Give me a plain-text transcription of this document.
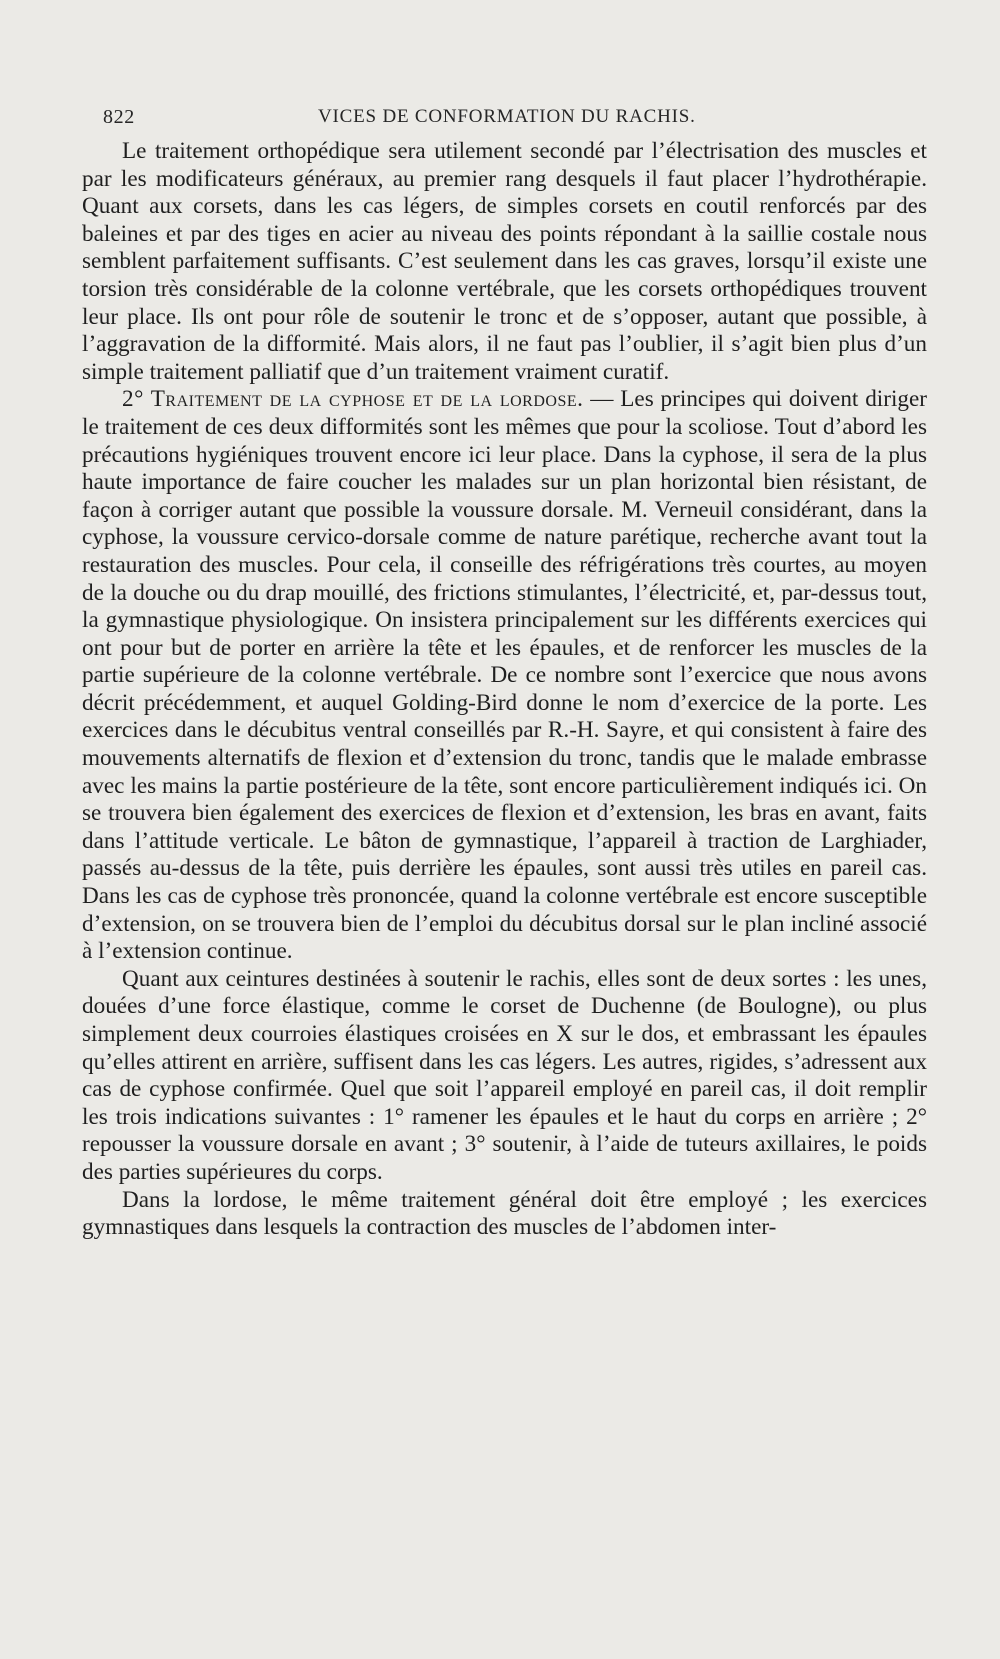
822	VICES DE CONFORMATION DU RACHIS.

Le traitement orthopédique sera utilement secondé par l’électrisation des muscles et par les modificateurs généraux, au premier rang desquels il faut placer l’hydrothérapie. Quant aux corsets, dans les cas légers, de simples corsets en coutil renforcés par des baleines et par des tiges en acier au niveau des points répondant à la saillie costale nous semblent parfaitement suffisants. C’est seulement dans les cas graves, lorsqu’il existe une torsion très considérable de la colonne vertébrale, que les corsets orthopédiques trouvent leur place. Ils ont pour rôle de soutenir le tronc et de s’opposer, autant que possible, à l’aggravation de la difformité. Mais alors, il ne faut pas l’oublier, il s’agit bien plus d’un simple traitement palliatif que d’un traitement vraiment curatif.

2° Traitement de la cyphose et de la lordose. — Les principes qui doivent diriger le traitement de ces deux difformités sont les mêmes que pour la scoliose. Tout d’abord les précautions hygiéniques trouvent encore ici leur place. Dans la cyphose, il sera de la plus haute importance de faire coucher les malades sur un plan horizontal bien résistant, de façon à corriger autant que possible la voussure dorsale. M. Verneuil considérant, dans la cyphose, la voussure cervico-dorsale comme de nature parétique, recherche avant tout la restauration des muscles. Pour cela, il conseille des réfrigérations très courtes, au moyen de la douche ou du drap mouillé, des frictions stimulantes, l’électricité, et, par-dessus tout, la gymnastique physiologique. On insistera principalement sur les différents exercices qui ont pour but de porter en arrière la tête et les épaules, et de renforcer les muscles de la partie supérieure de la colonne vertébrale. De ce nombre sont l’exercice que nous avons décrit précédemment, et auquel Golding-Bird donne le nom d’exercice de la porte. Les exercices dans le décubitus ventral conseillés par R.-H. Sayre, et qui consistent à faire des mouvements alternatifs de flexion et d’extension du tronc, tandis que le malade embrasse avec les mains la partie postérieure de la tête, sont encore particulièrement indiqués ici. On se trouvera bien également des exercices de flexion et d’extension, les bras en avant, faits dans l’attitude verticale. Le bâton de gymnastique, l’appareil à traction de Larghiader, passés au-dessus de la tête, puis derrière les épaules, sont aussi très utiles en pareil cas. Dans les cas de cyphose très prononcée, quand la colonne vertébrale est encore susceptible d’extension, on se trouvera bien de l’emploi du décubitus dorsal sur le plan incliné associé à l’extension continue.

Quant aux ceintures destinées à soutenir le rachis, elles sont de deux sortes : les unes, douées d’une force élastique, comme le corset de Duchenne (de Boulogne), ou plus simplement deux courroies élastiques croisées en X sur le dos, et embrassant les épaules qu’elles attirent en arrière, suffisent dans les cas légers. Les autres, rigides, s’adressent aux cas de cyphose confirmée. Quel que soit l’appareil employé en pareil cas, il doit remplir les trois indications suivantes : 1° ramener les épaules et le haut du corps en arrière ; 2° repousser la voussure dorsale en avant ; 3° soutenir, à l’aide de tuteurs axillaires, le poids des parties supérieures du corps.

Dans la lordose, le même traitement général doit être employé ; les exercices gymnastiques dans lesquels la contraction des muscles de l’abdomen inter-
